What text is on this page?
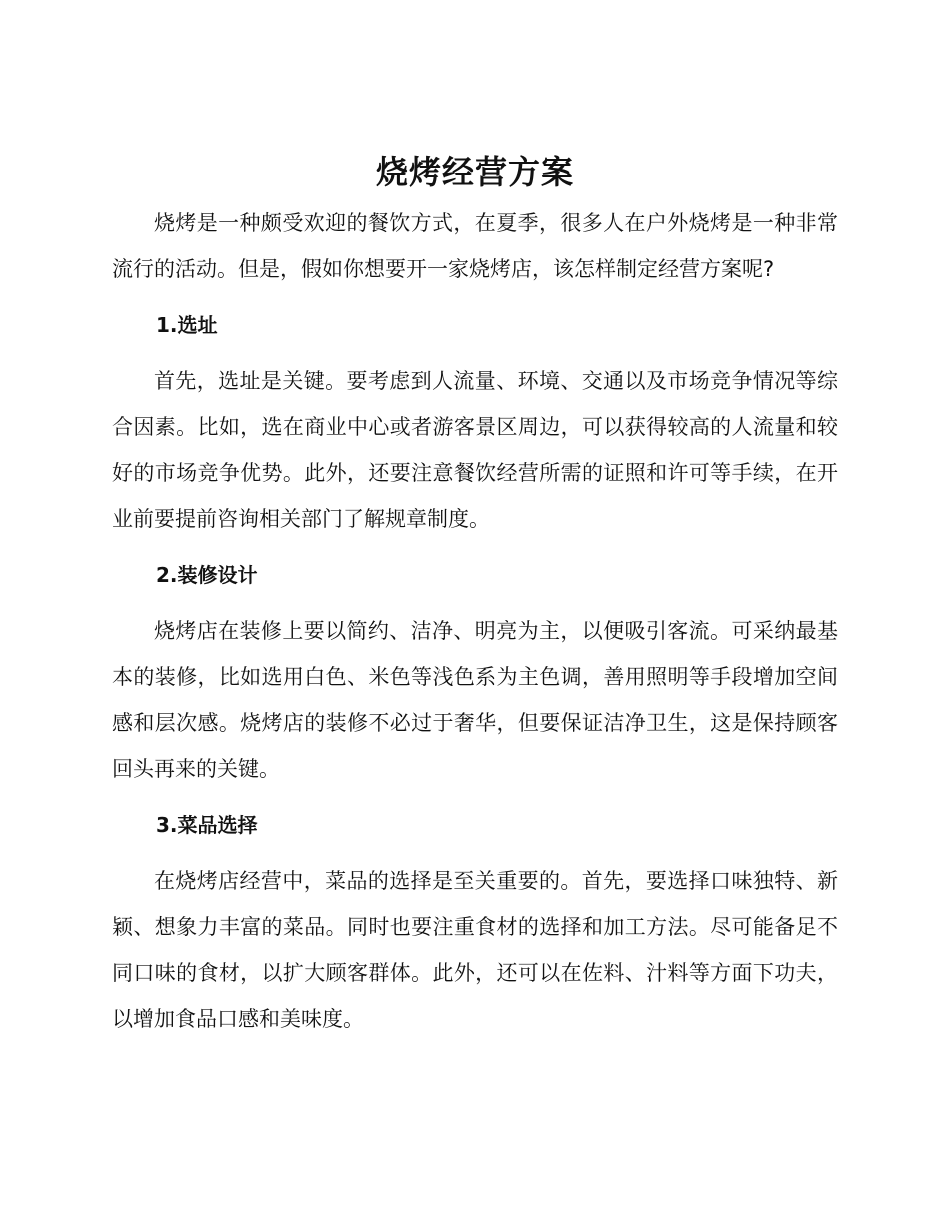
烧烤经营方案

烧烤是一种颇受欢迎的餐饮方式，在夏季，很多人在户外烧烤是一种非常流行的活动。但是，假如你想要开一家烧烤店，该怎样制定经营方案呢?

1.选址

首先，选址是关键。要考虑到人流量、环境、交通以及市场竞争情况等综合因素。比如，选在商业中心或者游客景区周边，可以获得较高的人流量和较好的市场竞争优势。此外，还要注意餐饮经营所需的证照和许可等手续，在开业前要提前咨询相关部门了解规章制度。

2.装修设计

烧烤店在装修上要以简约、洁净、明亮为主，以便吸引客流。可采纳最基本的装修，比如选用白色、米色等浅色系为主色调，善用照明等手段增加空间感和层次感。烧烤店的装修不必过于奢华，但要保证洁净卫生，这是保持顾客回头再来的关键。

3.菜品选择

在烧烤店经营中，菜品的选择是至关重要的。首先，要选择口味独特、新颖、想象力丰富的菜品。同时也要注重食材的选择和加工方法。尽可能备足不同口味的食材，以扩大顾客群体。此外，还可以在佐料、汁料等方面下功夫，以增加食品口感和美味度。
